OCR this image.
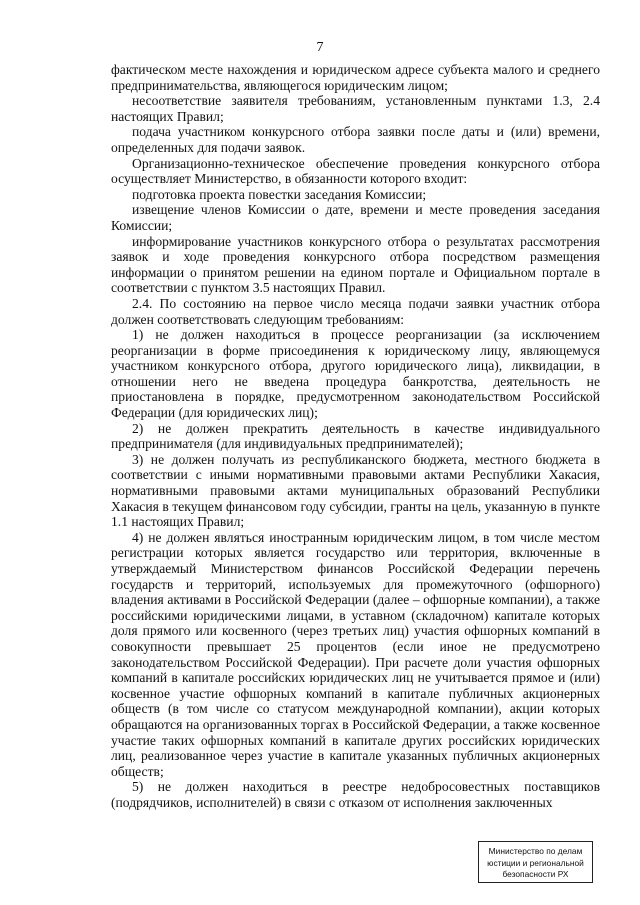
7

фактическом месте нахождения и юридическом адресе субъекта малого и среднего предпринимательства, являющегося юридическим лицом;

несоответствие заявителя требованиям, установленным пунктами 1.3, 2.4 настоящих Правил;

подача участником конкурсного отбора заявки после даты и (или) времени, определенных для подачи заявок.

Организационно-техническое обеспечение проведения конкурсного отбора осуществляет Министерство, в обязанности которого входит:

подготовка проекта повестки заседания Комиссии;

извещение членов Комиссии о дате, времени и месте проведения заседания Комиссии;

информирование участников конкурсного отбора о результатах рассмотрения заявок и ходе проведения конкурсного отбора посредством размещения информации о принятом решении на едином портале и Официальном портале в соответствии с пунктом 3.5 настоящих Правил.

2.4. По состоянию на первое число месяца подачи заявки участник отбора должен соответствовать следующим требованиям:

1) не должен находиться в процессе реорганизации (за исключением реорганизации в форме присоединения к юридическому лицу, являющемуся участником конкурсного отбора, другого юридического лица), ликвидации, в отношении него не введена процедура банкротства, деятельность не приостановлена в порядке, предусмотренном законодательством Российской Федерации (для юридических лиц);

2) не должен прекратить деятельность в качестве индивидуального предпринимателя (для индивидуальных предпринимателей);

3) не должен получать из республиканского бюджета, местного бюджета в соответствии с иными нормативными правовыми актами Республики Хакасия, нормативными правовыми актами муниципальных образований Республики Хакасия в текущем финансовом году субсидии, гранты на цель, указанную в пункте 1.1 настоящих Правил;

4) не должен являться иностранным юридическим лицом, в том числе местом регистрации которых является государство или территория, включенные в утверждаемый Министерством финансов Российской Федерации перечень государств и территорий, используемых для промежуточного (офшорного) владения активами в Российской Федерации (далее – офшорные компании), а также российскими юридическими лицами, в уставном (складочном) капитале которых доля прямого или косвенного (через третьих лиц) участия офшорных компаний в совокупности превышает 25 процентов (если иное не предусмотрено законодательством Российской Федерации). При расчете доли участия офшорных компаний в капитале российских юридических лиц не учитывается прямое и (или) косвенное участие офшорных компаний в капитале публичных акционерных обществ (в том числе со статусом международной компании), акции которых обращаются на организованных торгах в Российской Федерации, а также косвенное участие таких офшорных компаний в капитале других российских юридических лиц, реализованное через участие в капитале указанных публичных акционерных обществ;

5) не должен находиться в реестре недобросовестных поставщиков (подрядчиков, исполнителей) в связи с отказом от исполнения заключенных

Министерство по делам
юстиции и региональной
безопасности РХ
